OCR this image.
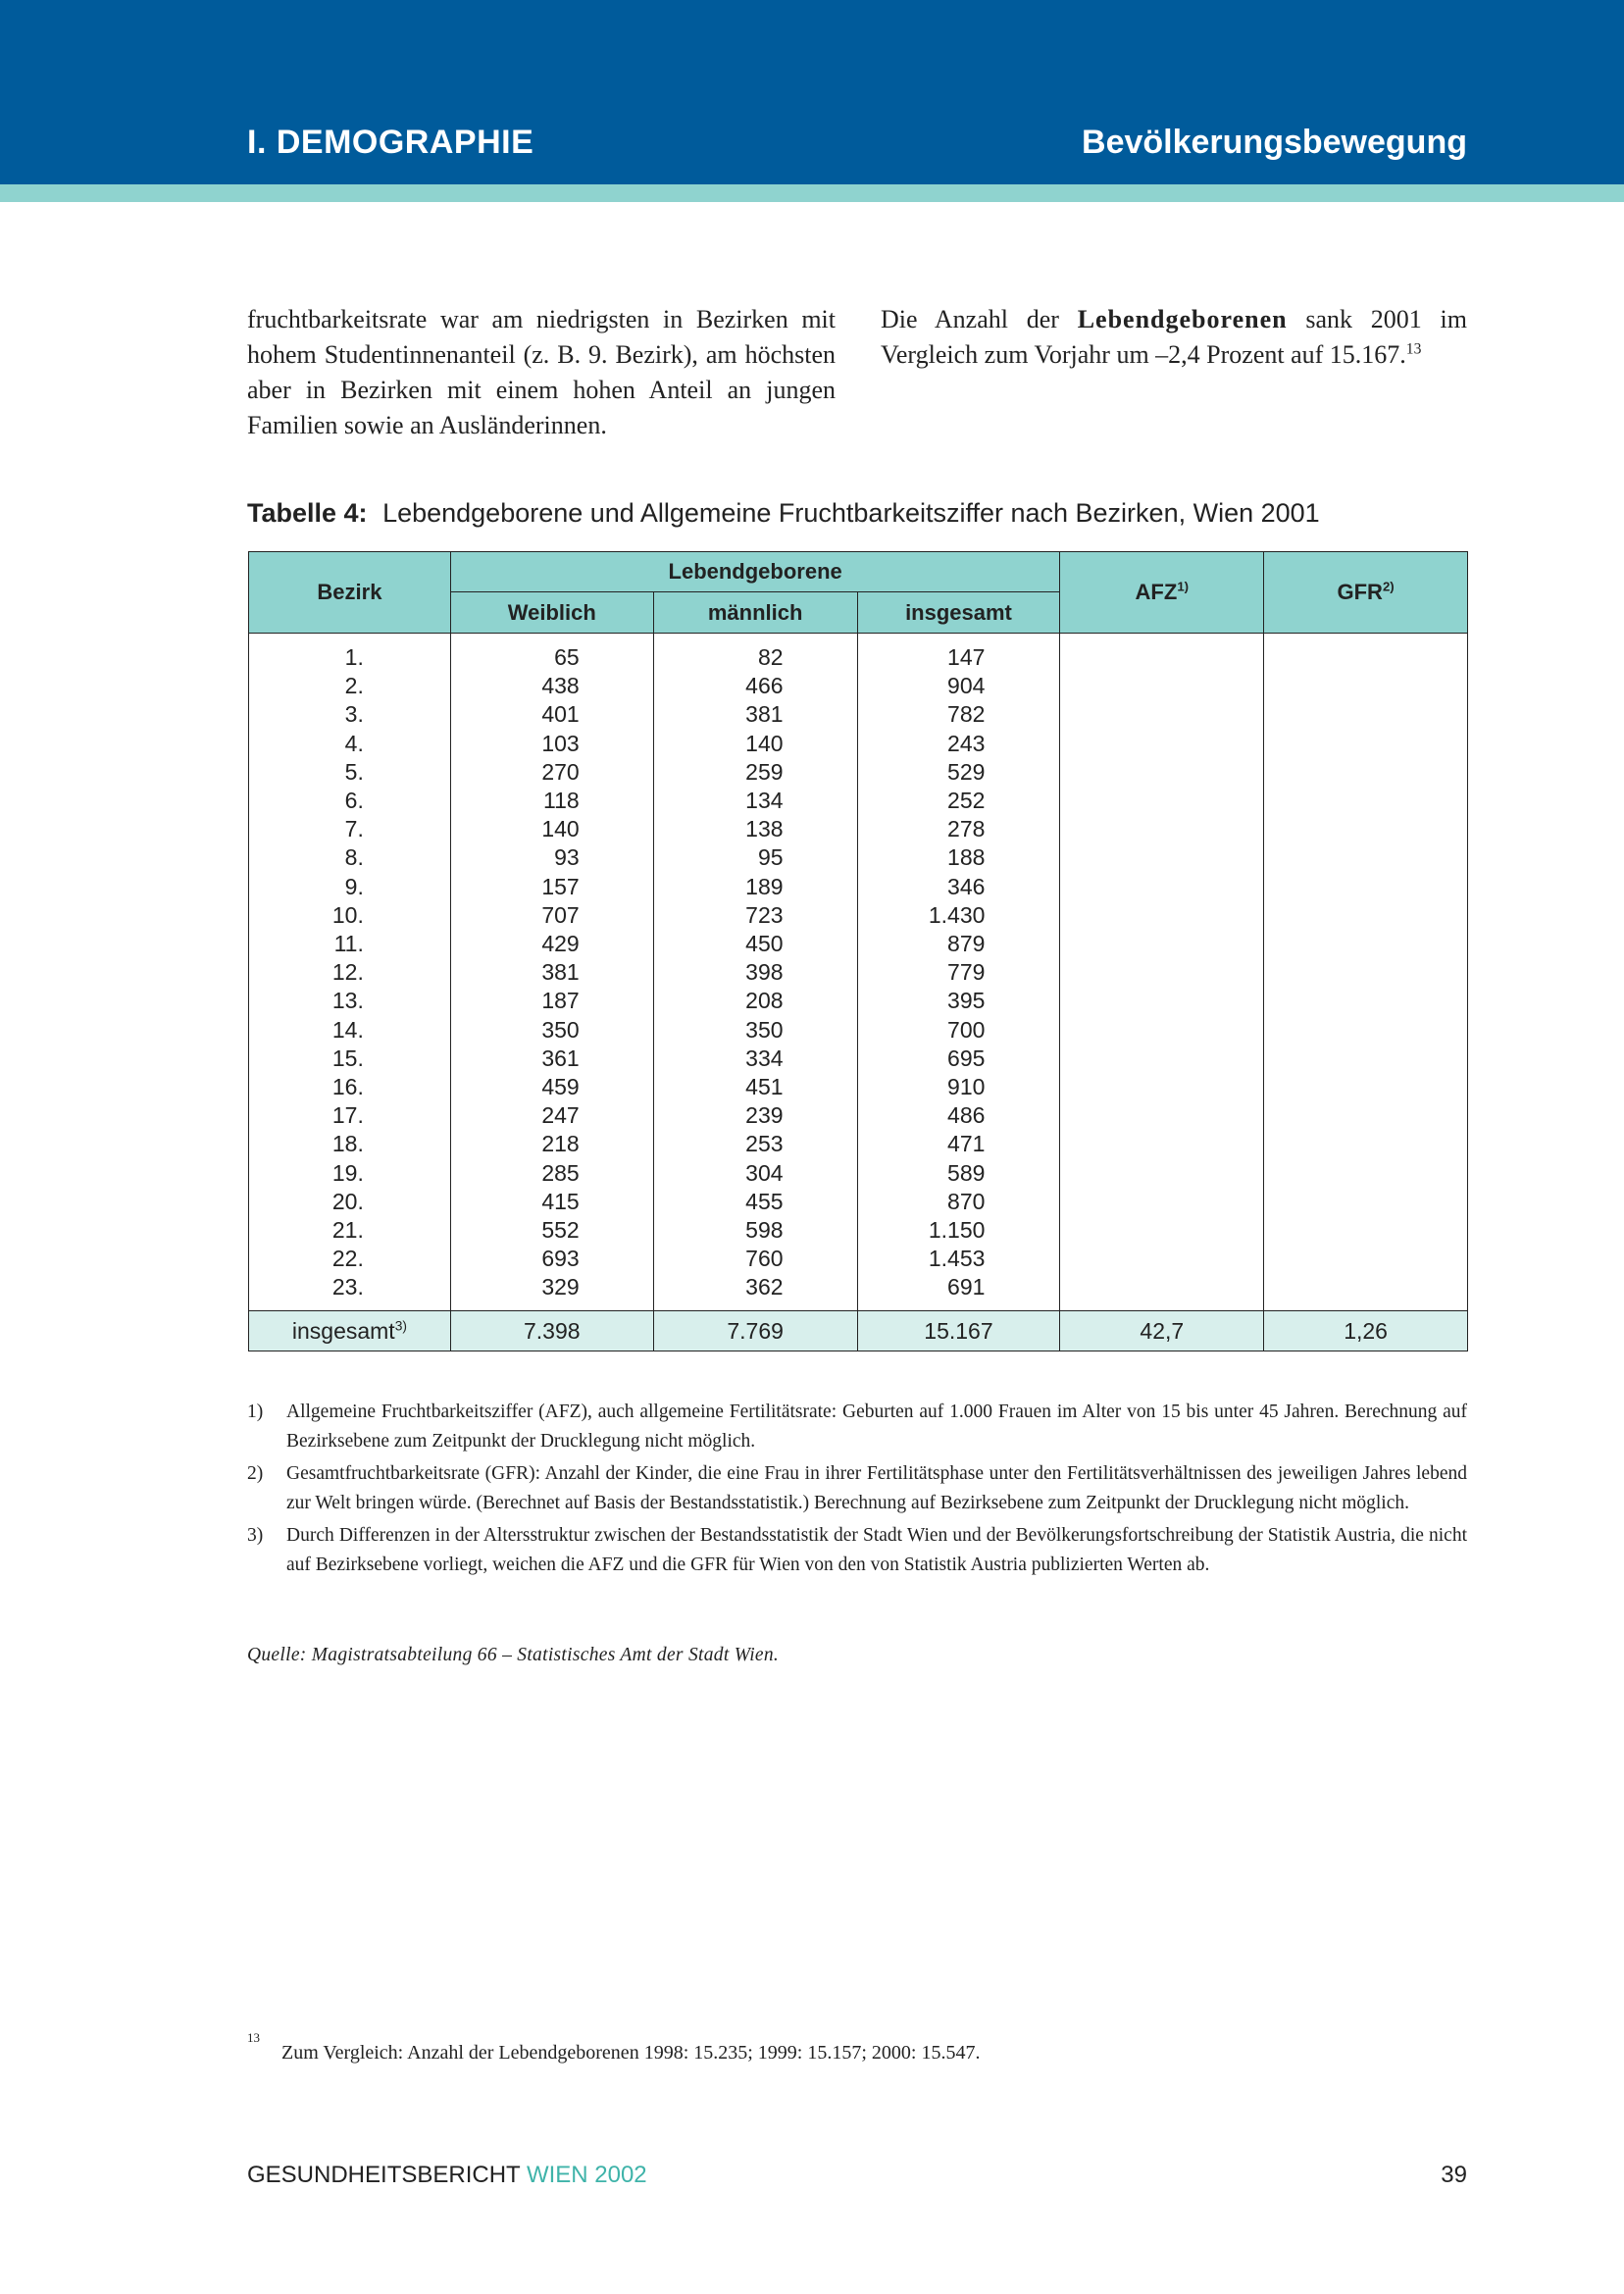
I. DEMOGRAPHIE	Bevölkerungsbewegung

fruchtbarkeitsrate war am niedrigsten in Bezirken mit hohem Studentinnenanteil (z. B. 9. Bezirk), am höchsten aber in Bezirken mit einem hohen Anteil an jungen Familien sowie an Ausländerinnen.

Die Anzahl der Lebendgeborenen sank 2001 im Vergleich zum Vorjahr um –2,4 Prozent auf 15.167.13

Tabelle 4: Lebendgeborene und Allgemeine Fruchtbarkeitsziffer nach Bezirken, Wien 2001

Bezirk	Lebendgeborene			AFZ$^{1)}$	GFR$^{2)}$
	Weiblich	männlich	insgesamt		
1.	65	82	147		
2.	438	466	904		
3.	401	381	782		
4.	103	140	243		
5.	270	259	529		
6.	118	134	252		
7.	140	138	278		
8.	93	95	188		
9.	157	189	346		
10.	707	723	1.430		
11.	429	450	879		
12.	381	398	779		
13.	187	208	395		
14.	350	350	700		
15.	361	334	695		
16.	459	451	910		
17.	247	239	486		
18.	218	253	471		
19.	285	304	589		
20.	415	455	870		
21.	552	598	1.150		
22.	693	760	1.453		
23.	329	362	691		
insgesamt$^{3)}$	7.398	7.769	15.167	42,7	1,26
1) Allgemeine Fruchtbarkeitsziffer (AFZ), auch allgemeine Fertilitätsrate: Geburten auf 1.000 Frauen im Alter von 15 bis unter 45 Jahren. Berechnung auf Bezirksebene zum Zeitpunkt der Drucklegung nicht möglich.
2) Gesamtfruchtbarkeitsrate (GFR): Anzahl der Kinder, die eine Frau in ihrer Fertilitätsphase unter den Fertilitätsverhältnissen des jeweiligen Jahres lebend zur Welt bringen würde. (Berechnet auf Basis der Bestandsstatistik.) Berechnung auf Bezirksebene zum Zeitpunkt der Drucklegung nicht möglich.
3) Durch Differenzen in der Altersstruktur zwischen der Bestandsstatistik der Stadt Wien und der Bevölkerungsfortschreibung der Statistik Austria, die nicht auf Bezirksebene vorliegt, weichen die AFZ und die GFR für Wien von den von Statistik Austria publizierten Werten ab.

Quelle: Magistratsabteilung 66 – Statistisches Amt der Stadt Wien.

$^{13}$Zum Vergleich: Anzahl der Lebendgeborenen 1998: 15.235; 1999: 15.157; 2000: 15.547.

GESUNDHEITSBERICHT WIEN 2002	39
